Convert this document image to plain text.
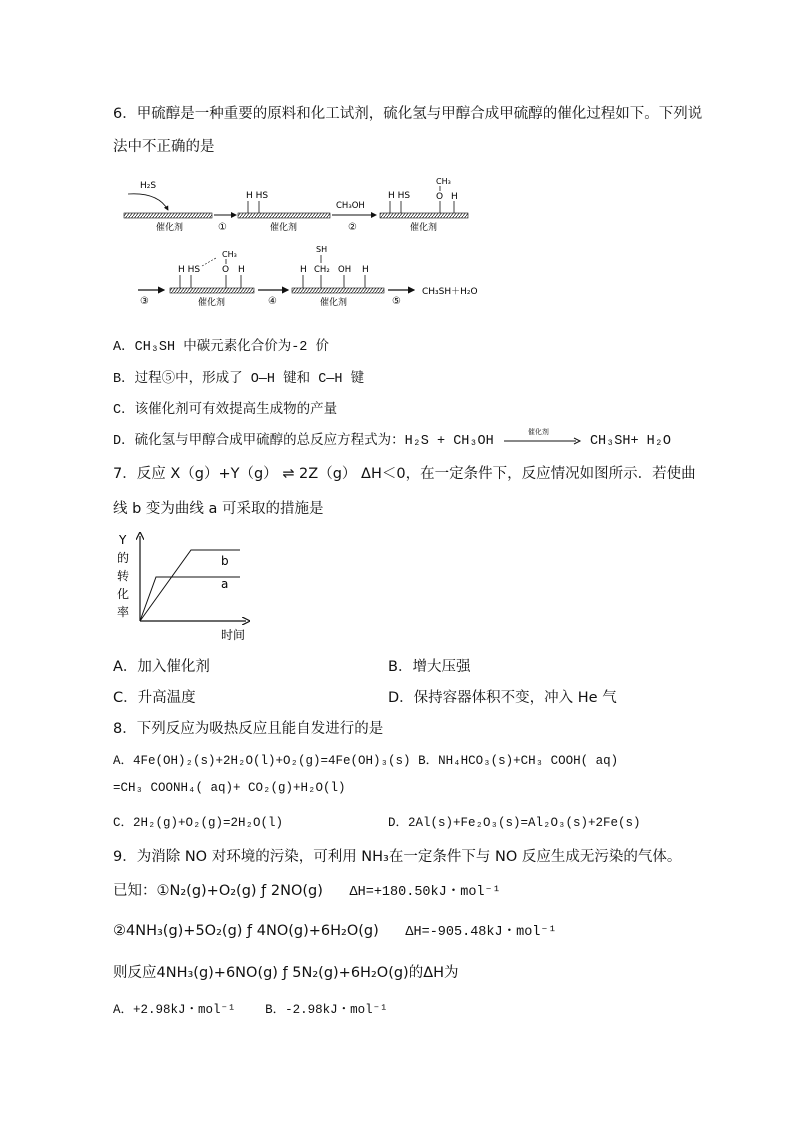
6．甲硫醇是一种重要的原料和化工试剂，硫化氢与甲醇合成甲硫醇的催化过程如下。下列说
法中不正确的是
催化剂	催化剂	催化剂
H₂S
①
H HS
CH₃OH
②
H HS
CH₃
O H
③	催化剂
H HS
CH₃
O H
④	催化剂
H
SH
CH₂ OH H
⑤
CH₃SH＋H₂O
A．CH₃SH 中碳元素化合价为-2 价
B．过程⑤中，形成了 O—H 键和 C—H 键
C．该催化剂可有效提高生成物的产量
D．硫化氢与甲醇合成甲硫醇的总反应方程式为：H₂S + CH₃OH
催化剂
CH₃SH+ H₂O
7．反应 X（g）+Y（g） ⇌ 2Z（g） ΔH＜0，在一定条件下，反应情况如图所示．若使曲
线 b 变为曲线 a 可采取的措施是
Y
的
转
化
率
时间
b
a
A．加入催化剂	B．增大压强
C．升高温度	D．保持容器体积不变，冲入 He 气
8．下列反应为吸热反应且能自发进行的是
A．4Fe(OH)₂(s)+2H₂O(l)+O₂(g)=4Fe(OH)₃(s) B．NH₄HCO₃(s)+CH₃ COOH( aq)
=CH₃ COONH₄( aq)+ CO₂(g)+H₂O(l)
C．2H₂(g)+O₂(g)=2H₂O(l)	D．2Al(s)+Fe₂O₃(s)=Al₂O₃(s)+2Fe(s)
9．为消除 NO 对环境的污染，可利用 NH₃在一定条件下与 NO 反应生成无污染的气体。
已知：①N₂(g)+O₂(g) ƒ 2NO(g) ΔH=+180.50kJ・mol⁻¹
②4NH₃(g)+5O₂(g) ƒ 4NO(g)+6H₂O(g) ΔH=-905.48kJ・mol⁻¹
则反应4NH₃(g)+6NO(g) ƒ 5N₂(g)+6H₂O(g)的ΔH为
A．+2.98kJ・mol⁻¹ B．-2.98kJ・mol⁻¹
